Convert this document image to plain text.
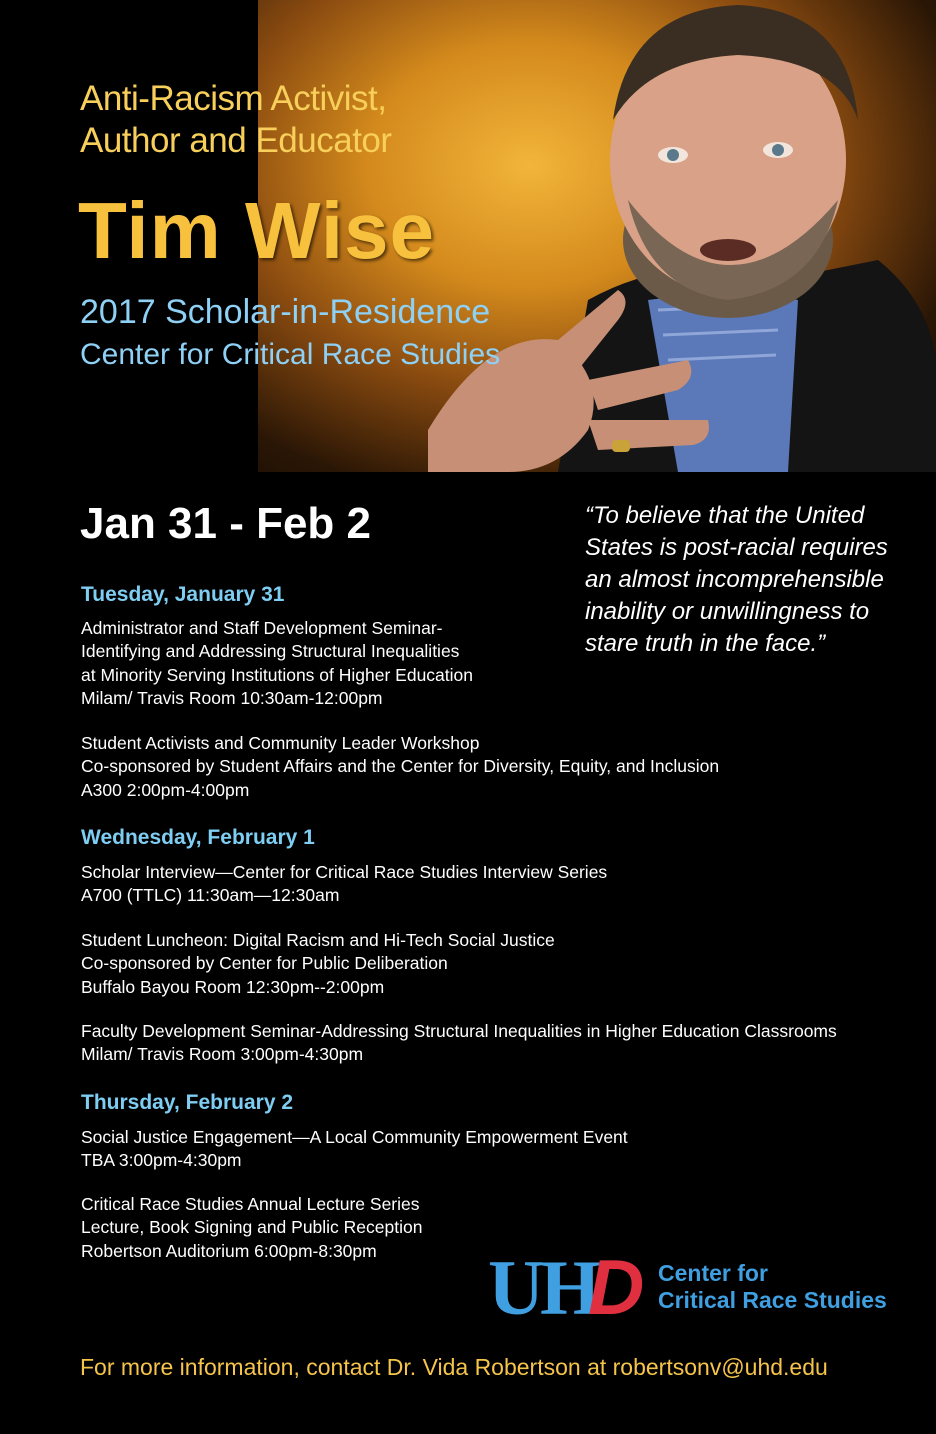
Anti-Racism Activist,
Author and Educator
Tim Wise
2017 Scholar-in-Residence
Center for Critical Race Studies
Jan 31 - Feb 2	“To believe that the United States is post-racial requires an almost incomprehensible inability or unwillingness to stare truth in the face.”
Tuesday, January 31
Administrator and Staff Development Seminar-
Identifying and Addressing Structural Inequalities
at Minority Serving Institutions of Higher Education
Milam/ Travis Room 10:30am-12:00pm
Student Activists and Community Leader Workshop
Co-sponsored by Student Affairs and the Center for Diversity, Equity, and Inclusion
A300 2:00pm-4:00pm
Wednesday, February 1
Scholar Interview—Center for Critical Race Studies Interview Series
A700 (TTLC) 11:30am—12:30am
Student Luncheon: Digital Racism and Hi-Tech Social Justice
Co-sponsored by Center for Public Deliberation
Buffalo Bayou Room 12:30pm--2:00pm
Faculty Development Seminar-Addressing Structural Inequalities in Higher Education Classrooms
Milam/ Travis Room 3:00pm-4:30pm
Thursday, February 2
Social Justice Engagement—A Local Community Empowerment Event
TBA 3:00pm-4:30pm
Critical Race Studies Annual Lecture Series
Lecture, Book Signing and Public Reception
Robertson Auditorium 6:00pm-8:30pm	U
H
D Center for
Critical Race Studies
For more information, contact Dr. Vida Robertson at robertsonv@uhd.edu
